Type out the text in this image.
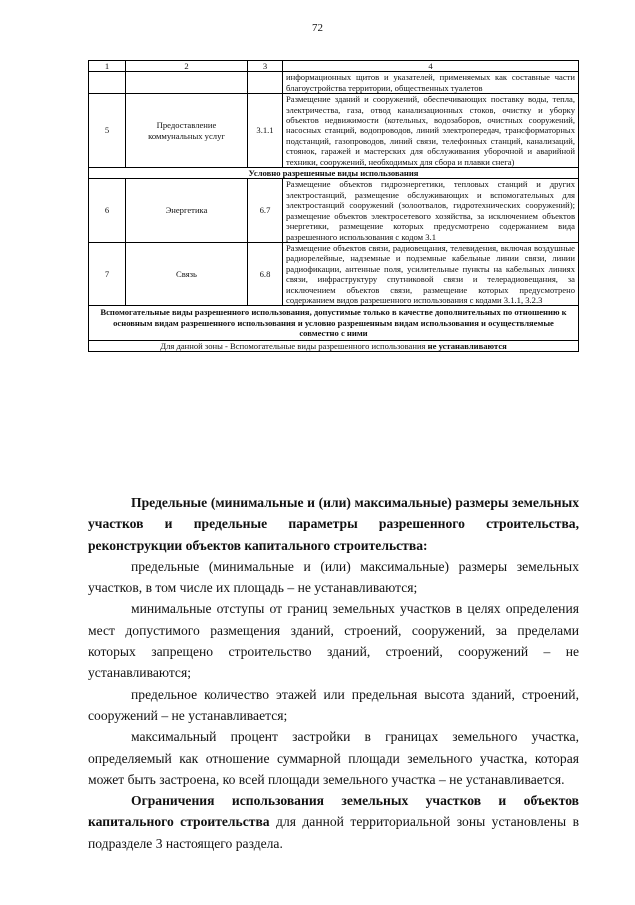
72
1	2	3	4
			информационных щитов и указателей, применяемых как составные части благоустройства территории, общественных туалетов
5	Предоставление коммунальных услуг	3.1.1	Размещение зданий и сооружений, обеспечивающих поставку воды, тепла, электричества, газа, отвод канализационных стоков, очистку и уборку объектов недвижимости (котельных, водозаборов, очистных сооружений, насосных станций, водопроводов, линий электропередач, трансформаторных подстанций, газопроводов, линий связи, телефонных станций, канализаций, стоянок, гаражей и мастерских для обслуживания уборочной и аварийной техники, сооружений, необходимых для сбора и плавки снега)
Условно разрешенные виды использования			
6	Энергетика	6.7	Размещение объектов гидроэнергетики, тепловых станций и других электростанций, размещение обслуживающих и вспомогательных для электростанций сооружений (золоотвалов, гидротехнических сооружений); размещение объектов электросетевого хозяйства, за исключением объектов энергетики, размещение которых предусмотрено содержанием вида разрешенного использования с кодом 3.1
7	Связь	6.8	Размещение объектов связи, радиовещания, телевидения, включая воздушные радиорелейные, надземные и подземные кабельные линии связи, линии радиофикации, антенные поля, усилительные пункты на кабельных линиях связи, инфраструктуру спутниковой связи и телерадиовещания, за исключением объектов связи, размещение которых предусмотрено содержанием видов разрешенного использования с кодами 3.1.1, 3.2.3
Вспомогательные виды разрешенного использования, допустимые только в качестве дополнительных по отношению к основным видам разрешенного использования и условно разрешенным видам использования и осуществляемые совместно с ними			
Для данной зоны - Вспомогательные виды разрешенного использования не устанавливаются			

Предельные (минимальные и (или) максимальные) размеры земельных участков и предельные параметры разрешенного строительства, реконструкции объектов капитального строительства:

предельные (минимальные и (или) максимальные) размеры земельных участков, в том числе их площадь – не устанавливаются;

минимальные отступы от границ земельных участков в целях определения мест допустимого размещения зданий, строений, сооружений, за пределами которых запрещено строительство зданий, строений, сооружений – не устанавливаются;

предельное количество этажей или предельная высота зданий, строений, сооружений – не устанавливается;

максимальный процент застройки в границах земельного участка, определяемый как отношение суммарной площади земельного участка, которая может быть застроена, ко всей площади земельного участка – не устанавливается.

Ограничения использования земельных участков и объектов капитального строительства для данной территориальной зоны установлены в подразделе 3 настоящего раздела.
